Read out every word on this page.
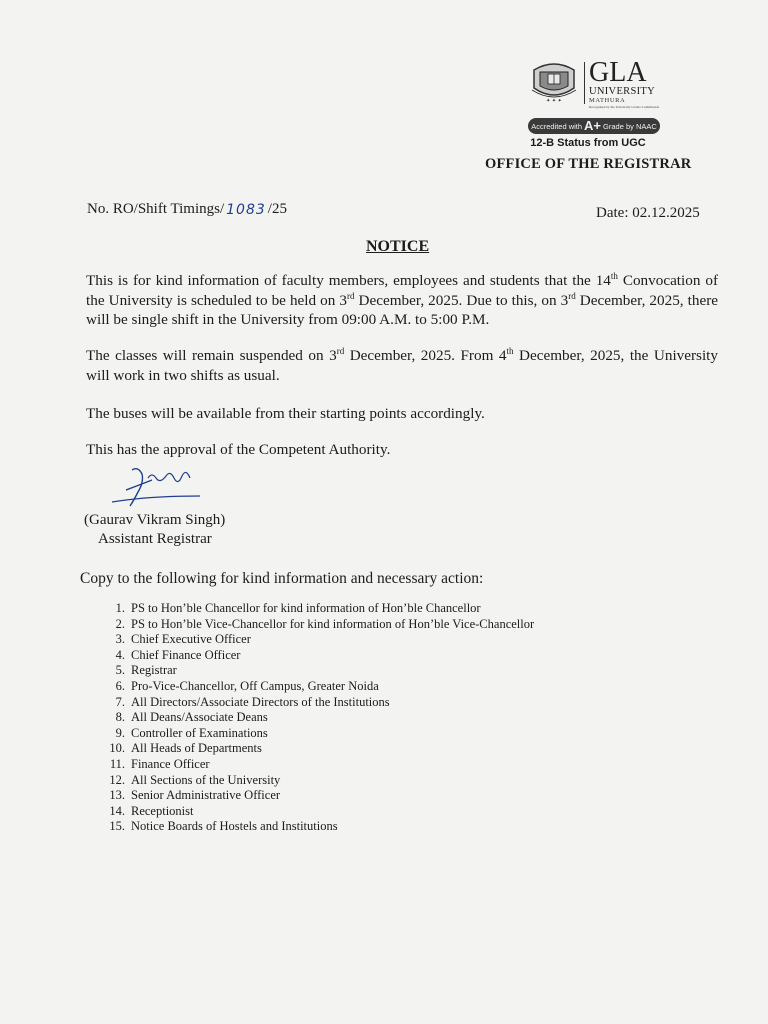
✦ ✦ ✦
GLA
UNIVERSITY
MATHURA
Recognised by the University Grants Commission
Accredited with A+ Grade by NAAC
12-B Status from UGC
OFFICE OF THE REGISTRAR
No. RO/Shift Timings/ 1083 /25	Date: 02.12.2025
NOTICE
This is for kind information of faculty members, employees and students that the 14th Convocation of the University is scheduled to be held on 3rd December, 2025. Due to this, on 3rd December, 2025, there will be single shift in the University from 09:00 A.M. to 5:00 P.M.
The classes will remain suspended on 3rd December, 2025. From 4th December, 2025, the University will work in two shifts as usual.
The buses will be available from their starting points accordingly.
This has the approval of the Competent Authority.
(Gaurav Vikram Singh)
Assistant Registrar
Copy to the following for kind information and necessary action:
1. PS to Hon’ble Chancellor for kind information of Hon’ble Chancellor
2. PS to Hon’ble Vice-Chancellor for kind information of Hon’ble Vice-Chancellor
3. Chief Executive Officer
4. Chief Finance Officer
5. Registrar
6. Pro-Vice-Chancellor, Off Campus, Greater Noida
7. All Directors/Associate Directors of the Institutions
8. All Deans/Associate Deans
9. Controller of Examinations
10. All Heads of Departments
11. Finance Officer
12. All Sections of the University
13. Senior Administrative Officer
14. Receptionist
15. Notice Boards of Hostels and Institutions
